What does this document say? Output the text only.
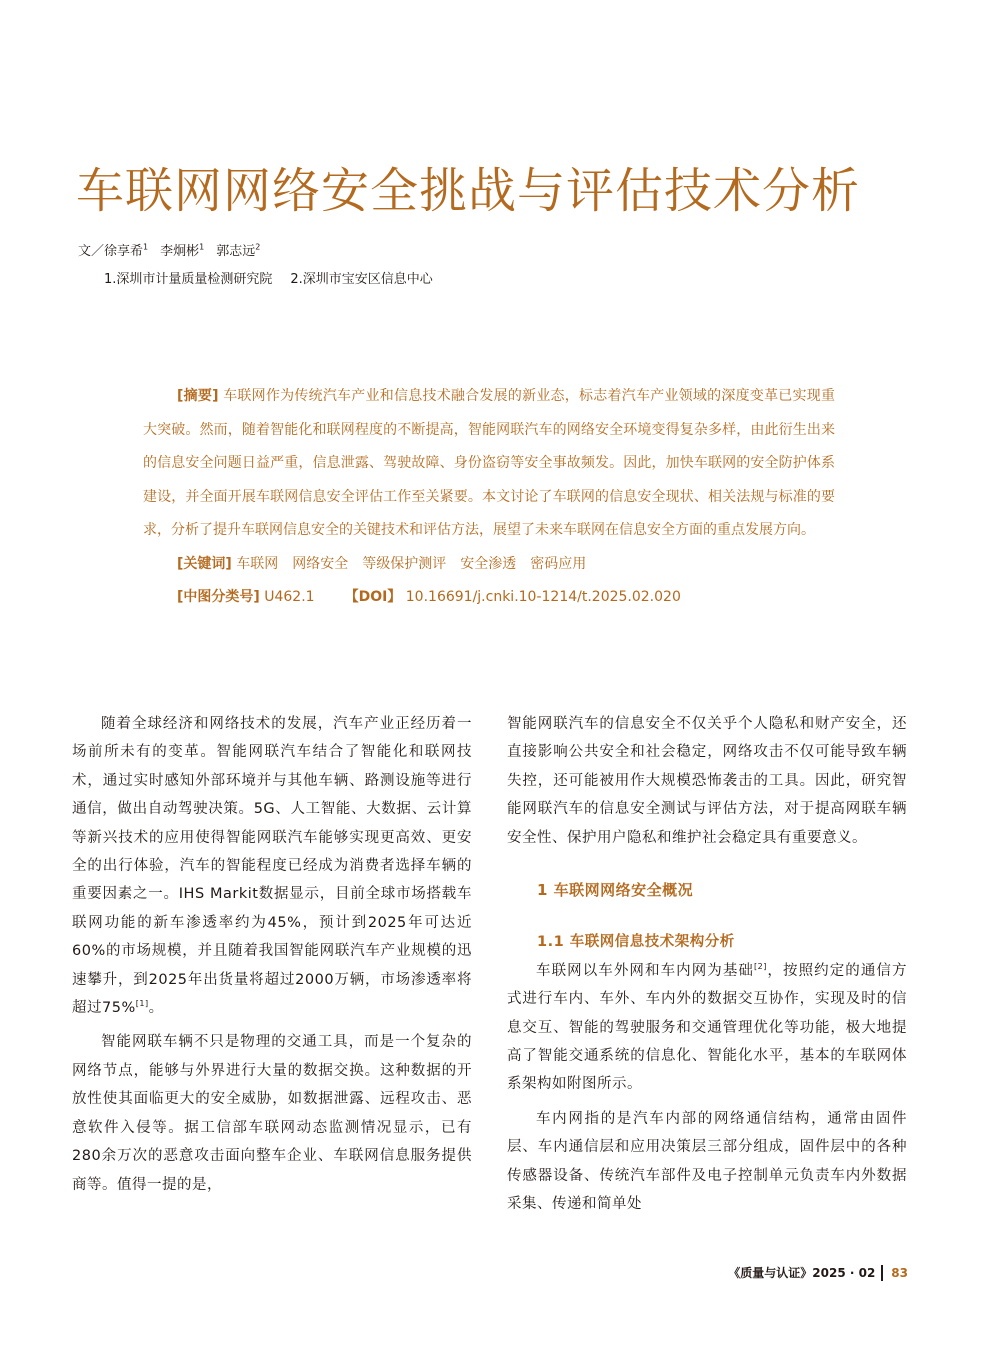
车联网网络安全挑战与评估技术分析
文／徐享希$^1$ 李炯彬$^1$ 郭志远$^2$
1.深圳市计量质量检测研究院 2.深圳市宝安区信息中心

[摘要] 车联网作为传统汽车产业和信息技术融合发展的新业态，标志着汽车产业领域的深度变革已实现重大突破。然而，随着智能化和联网程度的不断提高，智能网联汽车的网络安全环境变得复杂多样，由此衍生出来的信息安全问题日益严重，信息泄露、驾驶故障、身份盗窃等安全事故频发。因此，加快车联网的安全防护体系建设，并全面开展车联网信息安全评估工作至关紧要。本文讨论了车联网的信息安全现状、相关法规与标准的要求，分析了提升车联网信息安全的关键技术和评估方法，展望了未来车联网在信息安全方面的重点发展方向。

[关键词] 车联网 网络安全 等级保护测评 安全渗透 密码应用

[中图分类号] U462.1 【DOI】 10.16691/j.cnki.10-1214/t.2025.02.020

随着全球经济和网络技术的发展，汽车产业正经历着一场前所未有的变革。智能网联汽车结合了智能化和联网技术，通过实时感知外部环境并与其他车辆、路测设施等进行通信，做出自动驾驶决策。5G、人工智能、大数据、云计算等新兴技术的应用使得智能网联汽车能够实现更高效、更安全的出行体验，汽车的智能程度已经成为消费者选择车辆的重要因素之一。IHS Markit数据显示，目前全球市场搭载车联网功能的新车渗透率约为45%，预计到2025年可达近60%的市场规模，并且随着我国智能网联汽车产业规模的迅速攀升，到2025年出货量将超过2000万辆，市场渗透率将超过75%[1]。

智能网联车辆不只是物理的交通工具，而是一个复杂的网络节点，能够与外界进行大量的数据交换。这种数据的开放性使其面临更大的安全威胁，如数据泄露、远程攻击、恶意软件入侵等。据工信部车联网动态监测情况显示，已有280余万次的恶意攻击面向整车企业、车联网信息服务提供商等。值得一提的是，

智能网联汽车的信息安全不仅关乎个人隐私和财产安全，还直接影响公共安全和社会稳定，网络攻击不仅可能导致车辆失控，还可能被用作大规模恐怖袭击的工具。因此，研究智能网联汽车的信息安全测试与评估方法，对于提高网联车辆安全性、保护用户隐私和维护社会稳定具有重要意义。

1 车联网网络安全概况

1.1 车联网信息技术架构分析

车联网以车外网和车内网为基础[2]，按照约定的通信方式进行车内、车外、车内外的数据交互协作，实现及时的信息交互、智能的驾驶服务和交通管理优化等功能，极大地提高了智能交通系统的信息化、智能化水平，基本的车联网体系架构如附图所示。

车内网指的是汽车内部的网络通信结构，通常由固件层、车内通信层和应用决策层三部分组成，固件层中的各种传感器设备、传统汽车部件及电子控制单元负责车内外数据采集、传递和简单处

《质量与认证》2025 · 02 83
